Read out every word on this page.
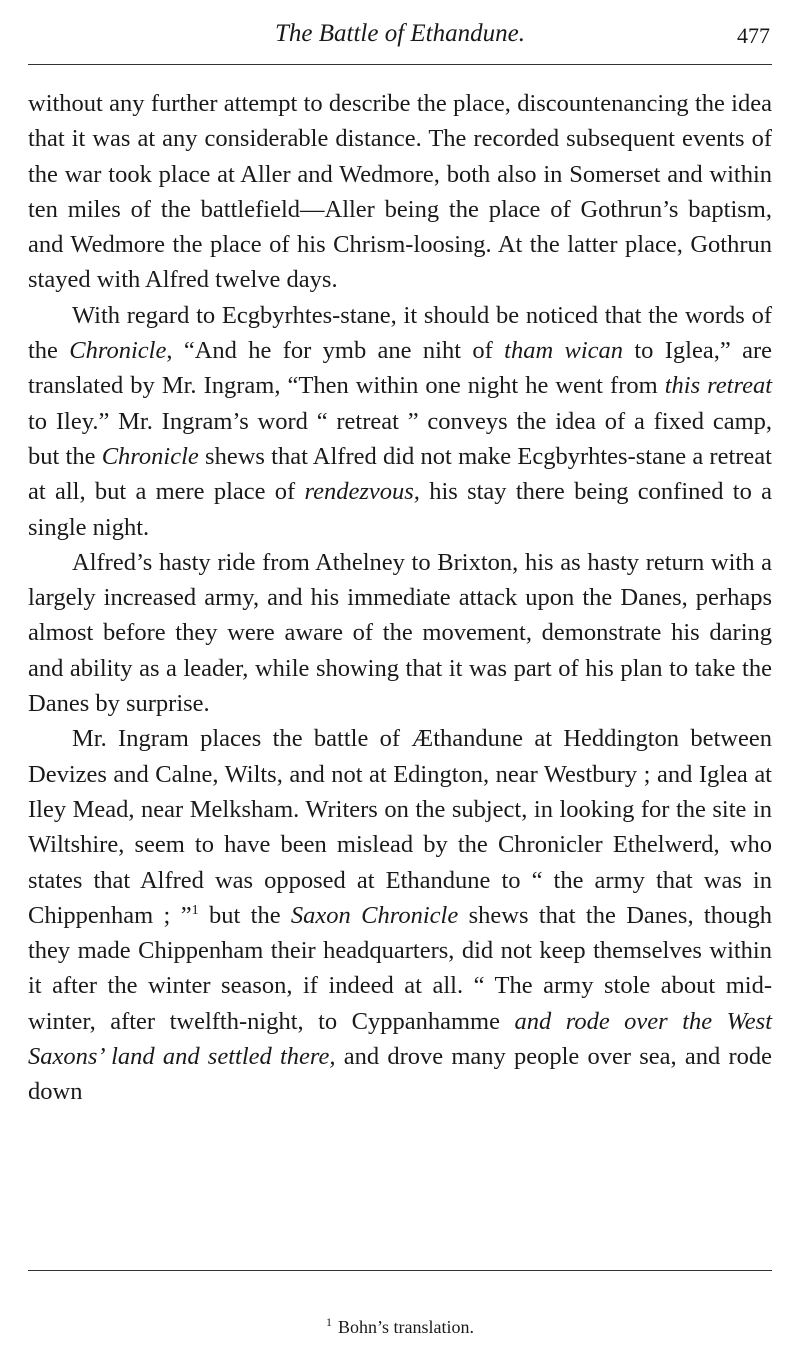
The Battle of Ethandune.	477

without any further attempt to describe the place, discountenancing the idea that it was at any considerable distance. The recorded subsequent events of the war took place at Aller and Wedmore, both also in Somerset and within ten miles of the battlefield—Aller being the place of Gothrun’s baptism, and Wedmore the place of his Chrism-loosing. At the latter place, Gothrun stayed with Alfred twelve days.

With regard to Ecgbyrhtes-stane, it should be noticed that the words of the Chronicle, “And he for ymb ane niht of tham wican to Iglea,” are translated by Mr. Ingram, “Then within one night he went from this retreat to Iley.” Mr. Ingram’s word “ retreat ” conveys the idea of a fixed camp, but the Chronicle shews that Alfred did not make Ecgbyrhtes-stane a retreat at all, but a mere place of rendezvous, his stay there being confined to a single night.

Alfred’s hasty ride from Athelney to Brixton, his as hasty return with a largely increased army, and his immediate attack upon the Danes, perhaps almost before they were aware of the movement, demonstrate his daring and ability as a leader, while showing that it was part of his plan to take the Danes by surprise.

Mr. Ingram places the battle of Æthandune at Heddington between Devizes and Calne, Wilts, and not at Edington, near Westbury ; and Iglea at Iley Mead, near Melksham. Writers on the subject, in looking for the site in Wiltshire, seem to have been mislead by the Chronicler Ethelwerd, who states that Alfred was opposed at Ethandune to “ the army that was in Chippenham ; ”$^1$ but the Saxon Chronicle shews that the Danes, though they made Chippenham their headquarters, did not keep themselves within it after the winter season, if indeed at all. “ The army stole about mid-winter, after twelfth-night, to Cyppanhamme and rode over the West Saxons’ land and settled there, and drove many people over sea, and rode down

$^1$ Bohn’s translation.
